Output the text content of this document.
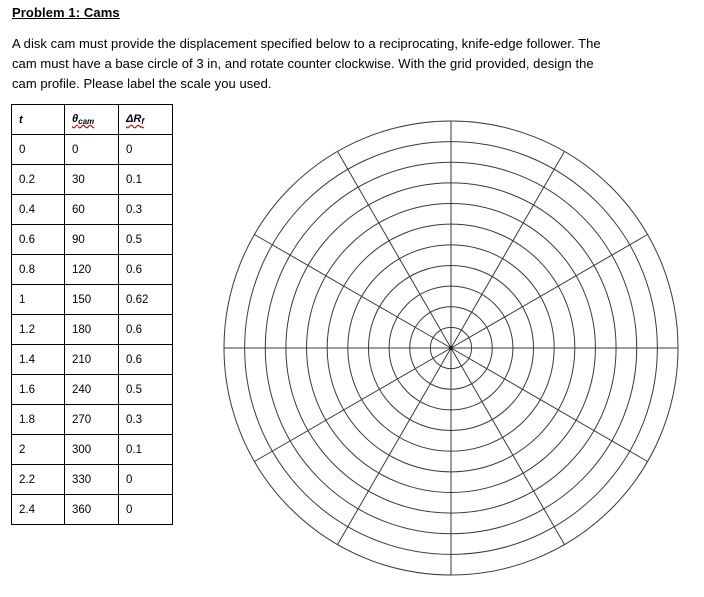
Problem 1: Cams
A disk cam must provide the displacement specified below to a reciprocating, knife-edge follower. The
cam must have a base circle of 3 in, and rotate counter clockwise. With the grid provided, design the
cam profile. Please label the scale you used.
t	$\theta_{cam}$	$\Delta R_f$
0	0	0
0.2	30	0.1
0.4	60	0.3
0.6	90	0.5
0.8	120	0.6
1	150	0.62
1.2	180	0.6
1.4	210	0.6
1.6	240	0.5
1.8	270	0.3
2	300	0.1
2.2	330	0
2.4	360	0
